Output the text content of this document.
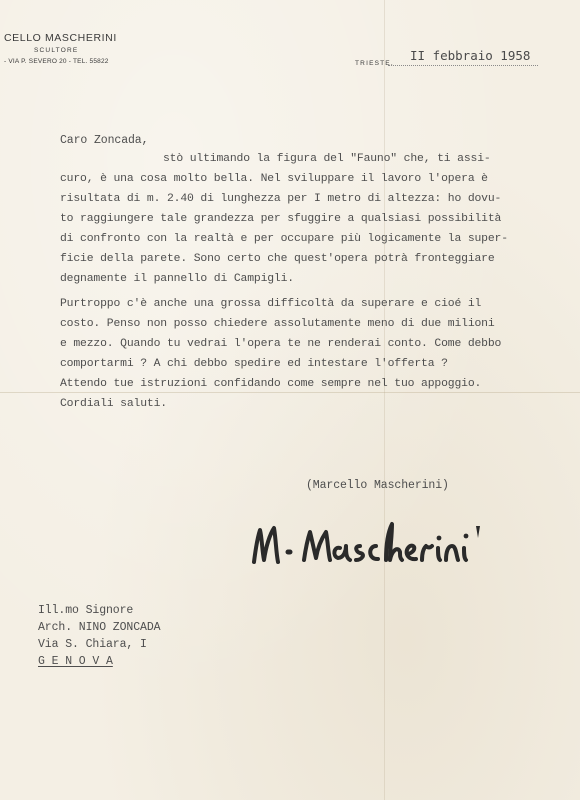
CELLO MASCHERINI
SCULTORE
- VIA P. SEVERO 20 - TEL. 55822	TRIESTE,
II febbraio 1958
Caro Zoncada,
stò ultimando la figura del "Fauno" che, ti assi-
curo, è una cosa molto bella. Nel sviluppare il lavoro l'opera è
risultata di m. 2.40 di lunghezza per I metro di altezza: ho dovu-
to raggiungere tale grandezza per sfuggire a qualsiasi possibilità
di confronto con la realtà e per occupare più logicamente la super-
ficie della parete. Sono certo che quest'opera potrà fronteggiare
degnamente il pannello di Campigli.
Purtroppo c'è anche una grossa difficoltà da superare e cioé il
costo. Penso non posso chiedere assolutamente meno di due milioni
e mezzo. Quando tu vedrai l'opera te ne renderai conto. Come debbo
comportarmi ? A chi debbo spedire ed intestare l'offerta ?
Attendo tue istruzioni confidando come sempre nel tuo appoggio.
Cordiali saluti.
(Marcello Mascherini)
Ill.mo Signore
Arch. NINO ZONCADA
Via S. Chiara, I
G E N O V A
